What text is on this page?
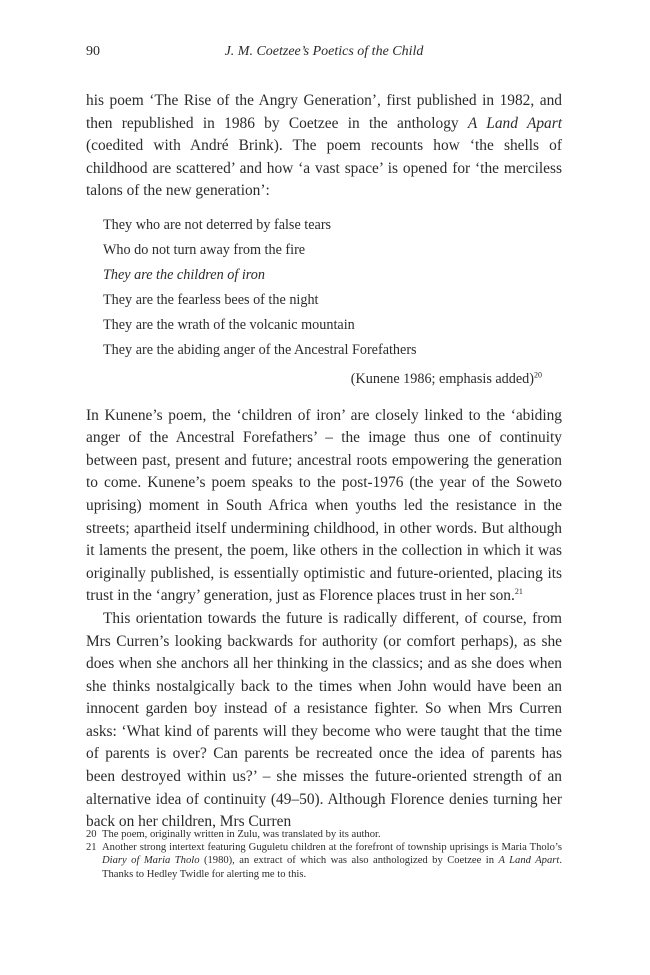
90	J. M. Coetzee’s Poetics of the Child

his poem ‘The Rise of the Angry Generation’, first published in 1982, and then republished in 1986 by Coetzee in the anthology A Land Apart (coedited with André Brink). The poem recounts how ‘the shells of childhood are scattered’ and how ‘a vast space’ is opened for ‘the merciless talons of the new generation’:

They who are not deterred by false tears
Who do not turn away from the fire
They are the children of iron
They are the fearless bees of the night
They are the wrath of the volcanic mountain
They are the abiding anger of the Ancestral Forefathers
(Kunene 1986; emphasis added)$^{20}$

In Kunene’s poem, the ‘children of iron’ are closely linked to the ‘abiding anger of the Ancestral Forefathers’ – the image thus one of continuity between past, present and future; ancestral roots empowering the generation to come. Kunene’s poem speaks to the post-1976 (the year of the Soweto uprising) moment in South Africa when youths led the resistance in the streets; apartheid itself undermining childhood, in other words. But although it laments the present, the poem, like others in the collection in which it was originally published, is essentially optimistic and future-oriented, placing its trust in the ‘angry’ generation, just as Florence places trust in her son.$^{21}$

This orientation towards the future is radically different, of course, from Mrs Curren’s looking backwards for authority (or comfort perhaps), as she does when she anchors all her thinking in the classics; and as she does when she thinks nostalgically back to the times when John would have been an innocent garden boy instead of a resistance fighter. So when Mrs Curren asks: ‘What kind of parents will they become who were taught that the time of parents is over? Can parents be recreated once the idea of parents has been destroyed within us?’ – she misses the future-oriented strength of an alternative idea of continuity (49–50). Although Florence denies turning her back on her children, Mrs Curren

20 The poem, originally written in Zulu, was translated by its author.
21 Another strong intertext featuring Guguletu children at the forefront of township uprisings is Maria Tholo’s Diary of Maria Tholo (1980), an extract of which was also anthologized by Coetzee in A Land Apart. Thanks to Hedley Twidle for alerting me to this.
